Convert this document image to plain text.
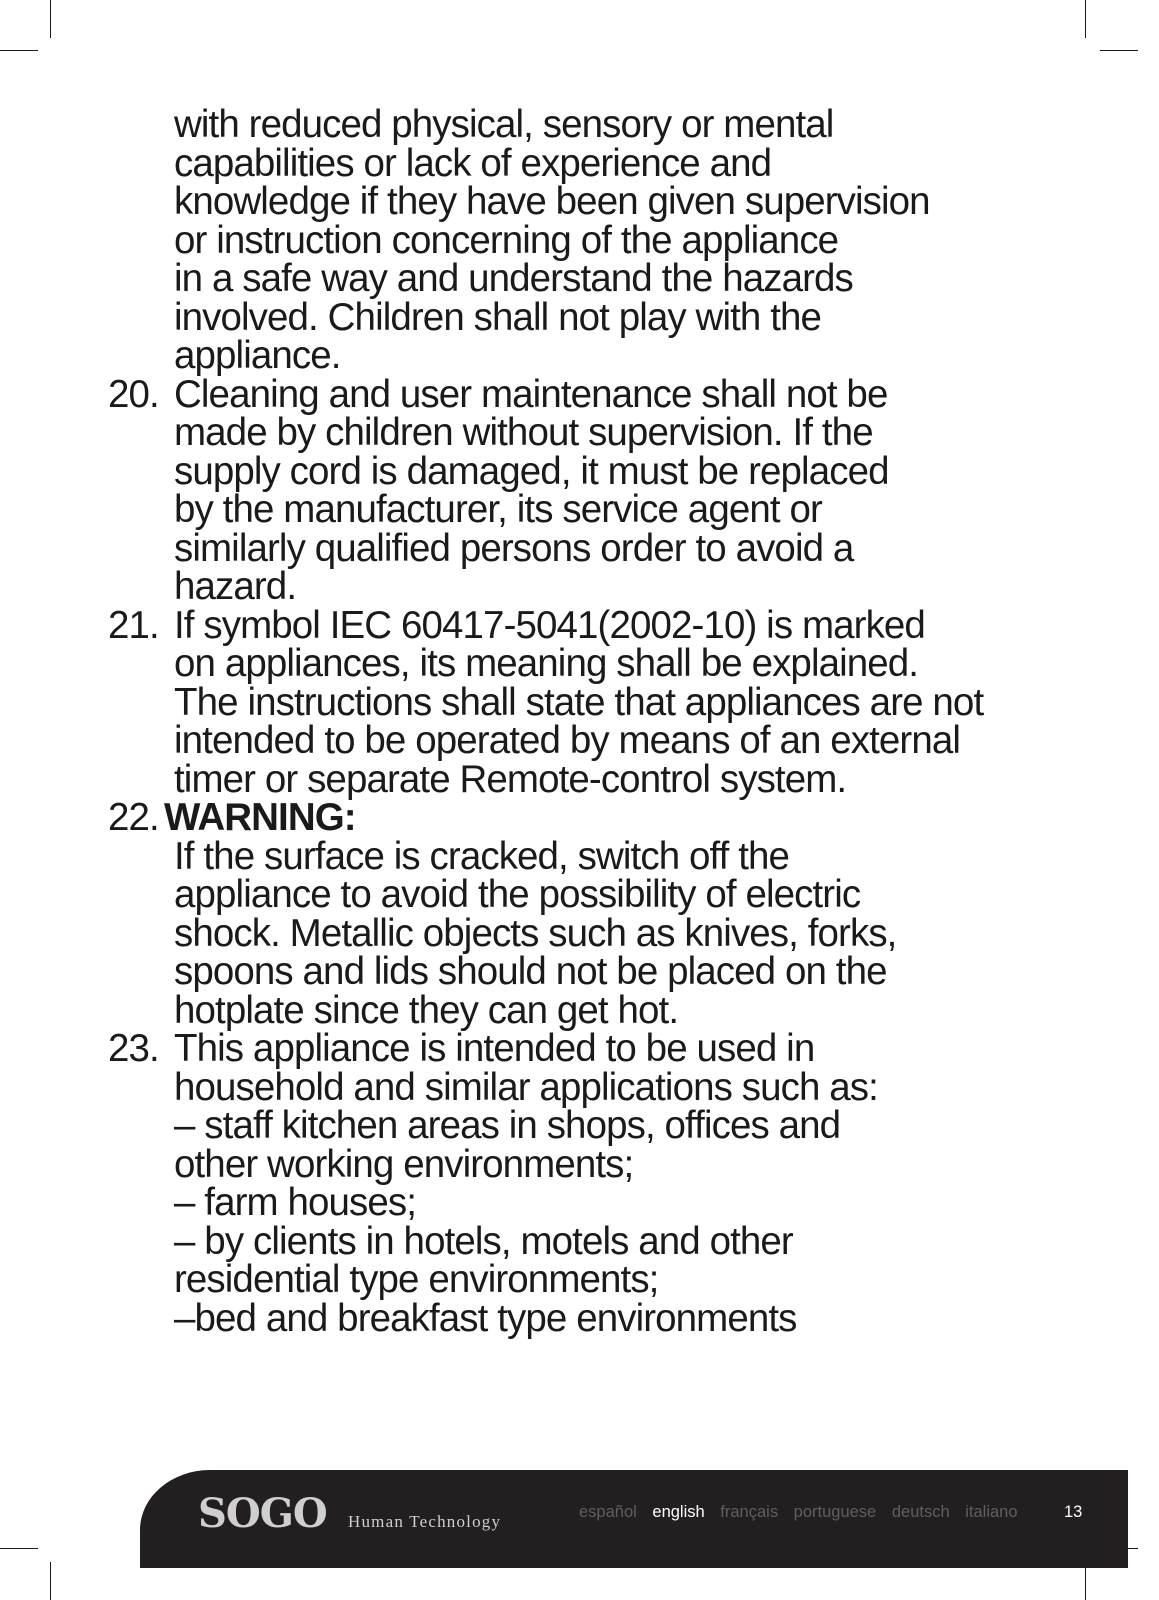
with reduced physical, sensory or mental
capabilities or lack of experience and
knowledge if they have been given supervision
or instruction concerning of the appliance
in a safe way and understand the hazards
involved. Children shall not play with the
appliance.
20. Cleaning and user maintenance shall not be
made by children without supervision. If the
supply cord is damaged, it must be replaced
by the manufacturer, its service agent or
similarly qualified persons order to avoid a
hazard.
21. If symbol IEC 60417-5041(2002-10) is marked
on appliances, its meaning shall be explained.
The instructions shall state that appliances are not
intended to be operated by means of an external
timer or separate Remote-control system.
22. WARNING:
If the surface is cracked, switch off the
appliance to avoid the possibility of electric
shock. Metallic objects such as knives, forks,
spoons and lids should not be placed on the
hotplate since they can get hot.
23. This appliance is intended to be used in
household and similar applications such as:
– staff kitchen areas in shops, offices and
other working environments;
– farm houses;
– by clients in hotels, motels and other
residential type environments;
–bed and breakfast type environments
SOGO Human Technology	español english français portuguese deutsch italiano	13
